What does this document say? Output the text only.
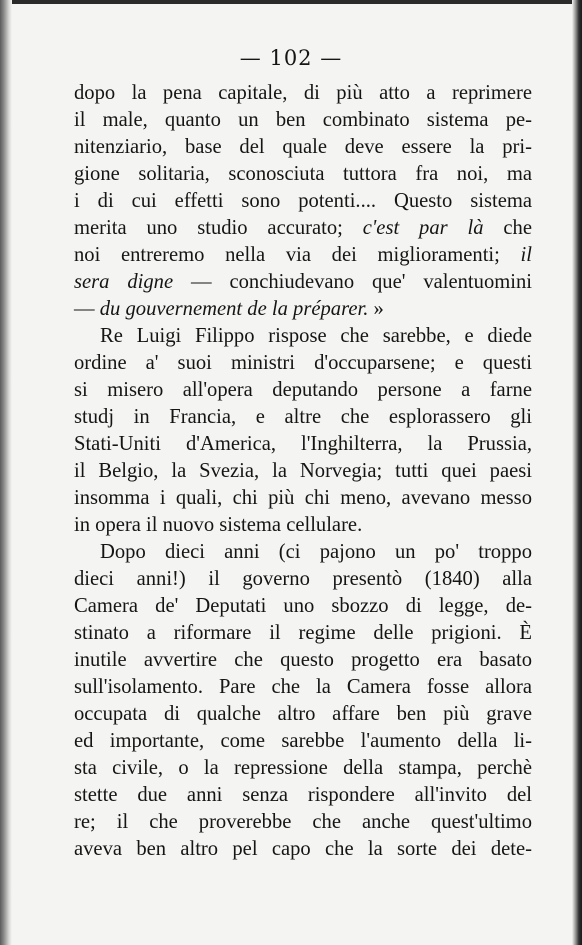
— 102 —
dopo la pena capitale, di più atto a reprimere
il male, quanto un ben combinato sistema pe-
nitenziario, base del quale deve essere la pri-
gione solitaria, sconosciuta tuttora fra noi, ma
i di cui effetti sono potenti.... Questo sistema
merita uno studio accurato; c'est par là che
noi entreremo nella via dei miglioramenti; il
sera digne — conchiudevano que' valentuomini
— du gouvernement de la préparer. »
Re Luigi Filippo rispose che sarebbe, e diede
ordine a' suoi ministri d'occuparsene; e questi
si misero all'opera deputando persone a farne
studj in Francia, e altre che esplorassero gli
Stati-Uniti d'America, l'Inghilterra, la Prussia,
il Belgio, la Svezia, la Norvegia; tutti quei paesi
insomma i quali, chi più chi meno, avevano messo
in opera il nuovo sistema cellulare.
Dopo dieci anni (ci pajono un po' troppo
dieci anni!) il governo presentò (1840) alla
Camera de' Deputati uno sbozzo di legge, de-
stinato a riformare il regime delle prigioni. È
inutile avvertire che questo progetto era basato
sull'isolamento. Pare che la Camera fosse allora
occupata di qualche altro affare ben più grave
ed importante, come sarebbe l'aumento della li-
sta civile, o la repressione della stampa, perchè
stette due anni senza rispondere all'invito del
re; il che proverebbe che anche quest'ultimo
aveva ben altro pel capo che la sorte dei dete-
